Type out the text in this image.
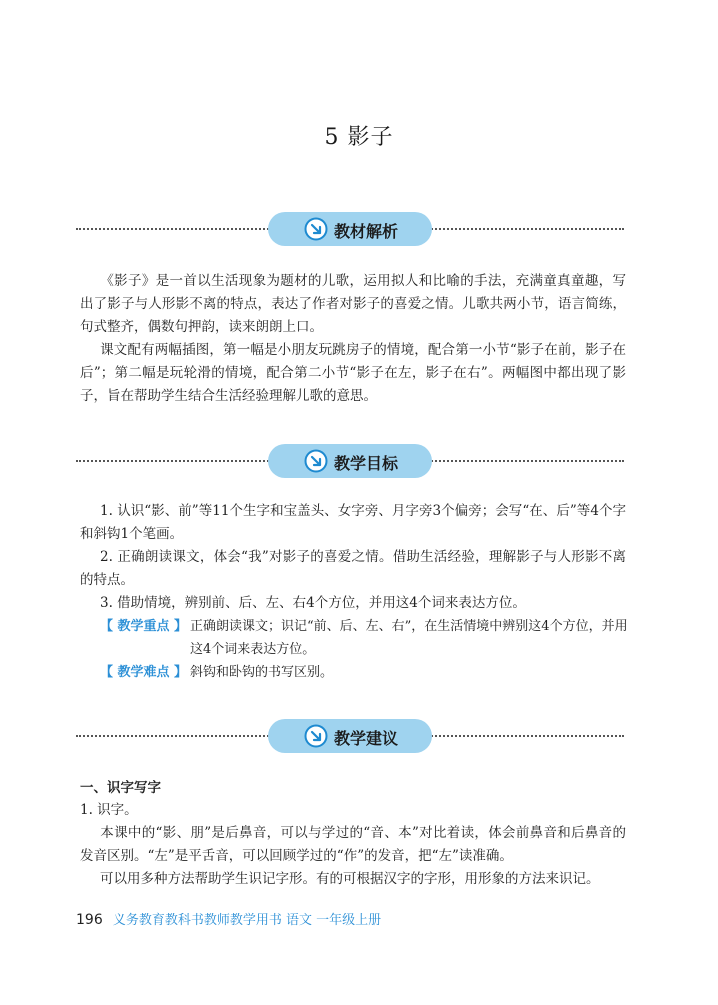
5 影子
教材解析

《影子》是一首以生活现象为题材的儿歌，运用拟人和比喻的手法，充满童真童趣，写出了影子与人形影不离的特点，表达了作者对影子的喜爱之情。儿歌共两小节，语言简练，句式整齐，偶数句押韵，读来朗朗上口。

课文配有两幅插图，第一幅是小朋友玩跳房子的情境，配合第一小节“影子在前，影子在后”；第二幅是玩轮滑的情境，配合第二小节“影子在左，影子在右”。两幅图中都出现了影子，旨在帮助学生结合生活经验理解儿歌的意思。

教学目标

1. 认识“影、前”等11个生字和宝盖头、女字旁、月字旁3个偏旁；会写“在、后”等4个字和斜钩1个笔画。

2. 正确朗读课文，体会“我”对影子的喜爱之情。借助生活经验，理解影子与人形影不离的特点。

3. 借助情境，辨别前、后、左、右4个方位，并用这4个词来表达方位。

【 教学重点 】 正确朗读课文；识记“前、后、左、右”，在生活情境中辨别这4个方位，并用这4个词来表达方位。
【 教学难点 】 斜钩和卧钩的书写区别。
教学建议
一、识字写字
1. 识字。

本课中的“影、朋”是后鼻音，可以与学过的“音、本”对比着读，体会前鼻音和后鼻音的发音区别。“左”是平舌音，可以回顾学过的“作”的发音，把“左”读准确。

可以用多种方法帮助学生识记字形。有的可根据汉字的字形，用形象的方法来识记。

196 义务教育教科书教师教学用书 语文 一年级上册
